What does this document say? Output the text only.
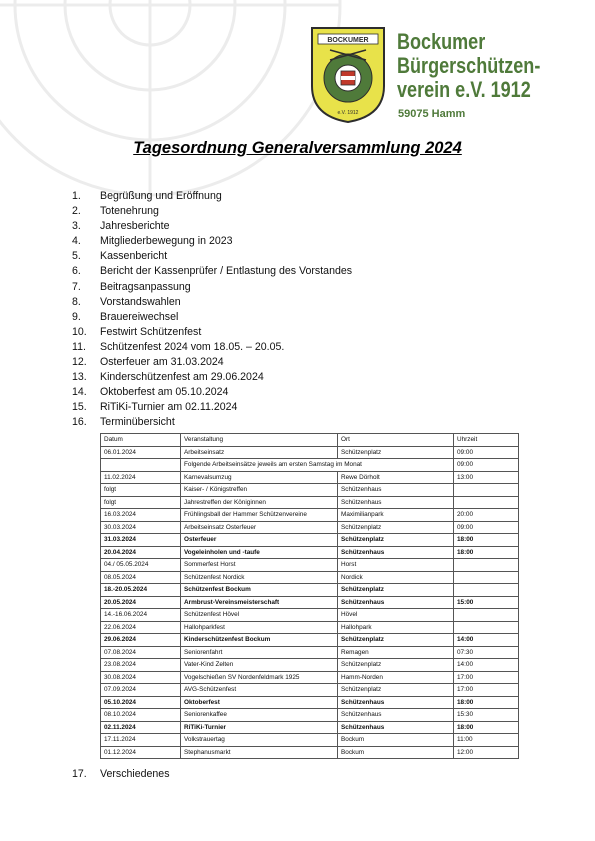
BOCKUMER
e.V. 1912
Bockumer
Bürgerschützen-
verein e.V. 1912
59075 Hamm
Tagesordnung Generalversammlung 2024
1. Begrüßung und Eröffnung
2. Totenehrung
3. Jahresberichte
4. Mitgliederbewegung in 2023
5. Kassenbericht
6. Bericht der Kassenprüfer / Entlastung des Vorstandes
7. Beitragsanpassung
8. Vorstandswahlen
9. Brauereiwechsel
10. Festwirt Schützenfest
11. Schützenfest 2024 vom 18.05. – 20.05.
12. Osterfeuer am 31.03.2024
13. Kinderschützenfest am 29.06.2024
14. Oktoberfest am 05.10.2024
15. RiTiKi-Turnier am 02.11.2024
16. Terminübersicht
Datum	Veranstaltung	Ort	Uhrzeit
06.01.2024	Arbeitseinsatz	Schützenplatz	09:00
	Folgende Arbeitseinsätze jeweils am ersten Samstag im Monat		09:00
11.02.2024	Karnevalsumzug	Rewe Dörholt	13:00
folgt	Kaiser- / Königstreffen	Schützenhaus	
folgt	Jahrestreffen der Königinnen	Schützenhaus	
16.03.2024	Frühlingsball der Hammer Schützenvereine	Maximilianpark	20:00
30.03.2024	Arbeitseinsatz Osterfeuer	Schützenplatz	09:00
31.03.2024	Osterfeuer	Schützenplatz	18:00
20.04.2024	Vogeleinholen und -taufe	Schützenhaus	18:00
04./ 05.05.2024	Sommerfest Horst	Horst	
08.05.2024	Schützenfest Nordick	Nordick	
18.-20.05.2024	Schützenfest Bockum	Schützenplatz	
20.05.2024	Armbrust-Vereinsmeisterschaft	Schützenhaus	15:00
14.-16.06.2024	Schützenfest Hövel	Hövel	
22.06.2024	Hallohparkfest	Hallohpark	
29.06.2024	Kinderschützenfest Bockum	Schützenplatz	14:00
07.08.2024	Seniorenfahrt	Remagen	07:30
23.08.2024	Vater-Kind Zelten	Schützenplatz	14:00
30.08.2024	Vogelschießen SV Nordenfeldmark 1925	Hamm-Norden	17:00
07.09.2024	AVG-Schützenfest	Schützenplatz	17:00
05.10.2024	Oktoberfest	Schützenhaus	18:00
08.10.2024	Seniorenkaffee	Schützenhaus	15:30
02.11.2024	RiTiKi-Turnier	Schützenhaus	18:00
17.11.2024	Volkstrauertag	Bockum	11:00
01.12.2024	Stephanusmarkt	Bockum	12:00
17. Verschiedenes
